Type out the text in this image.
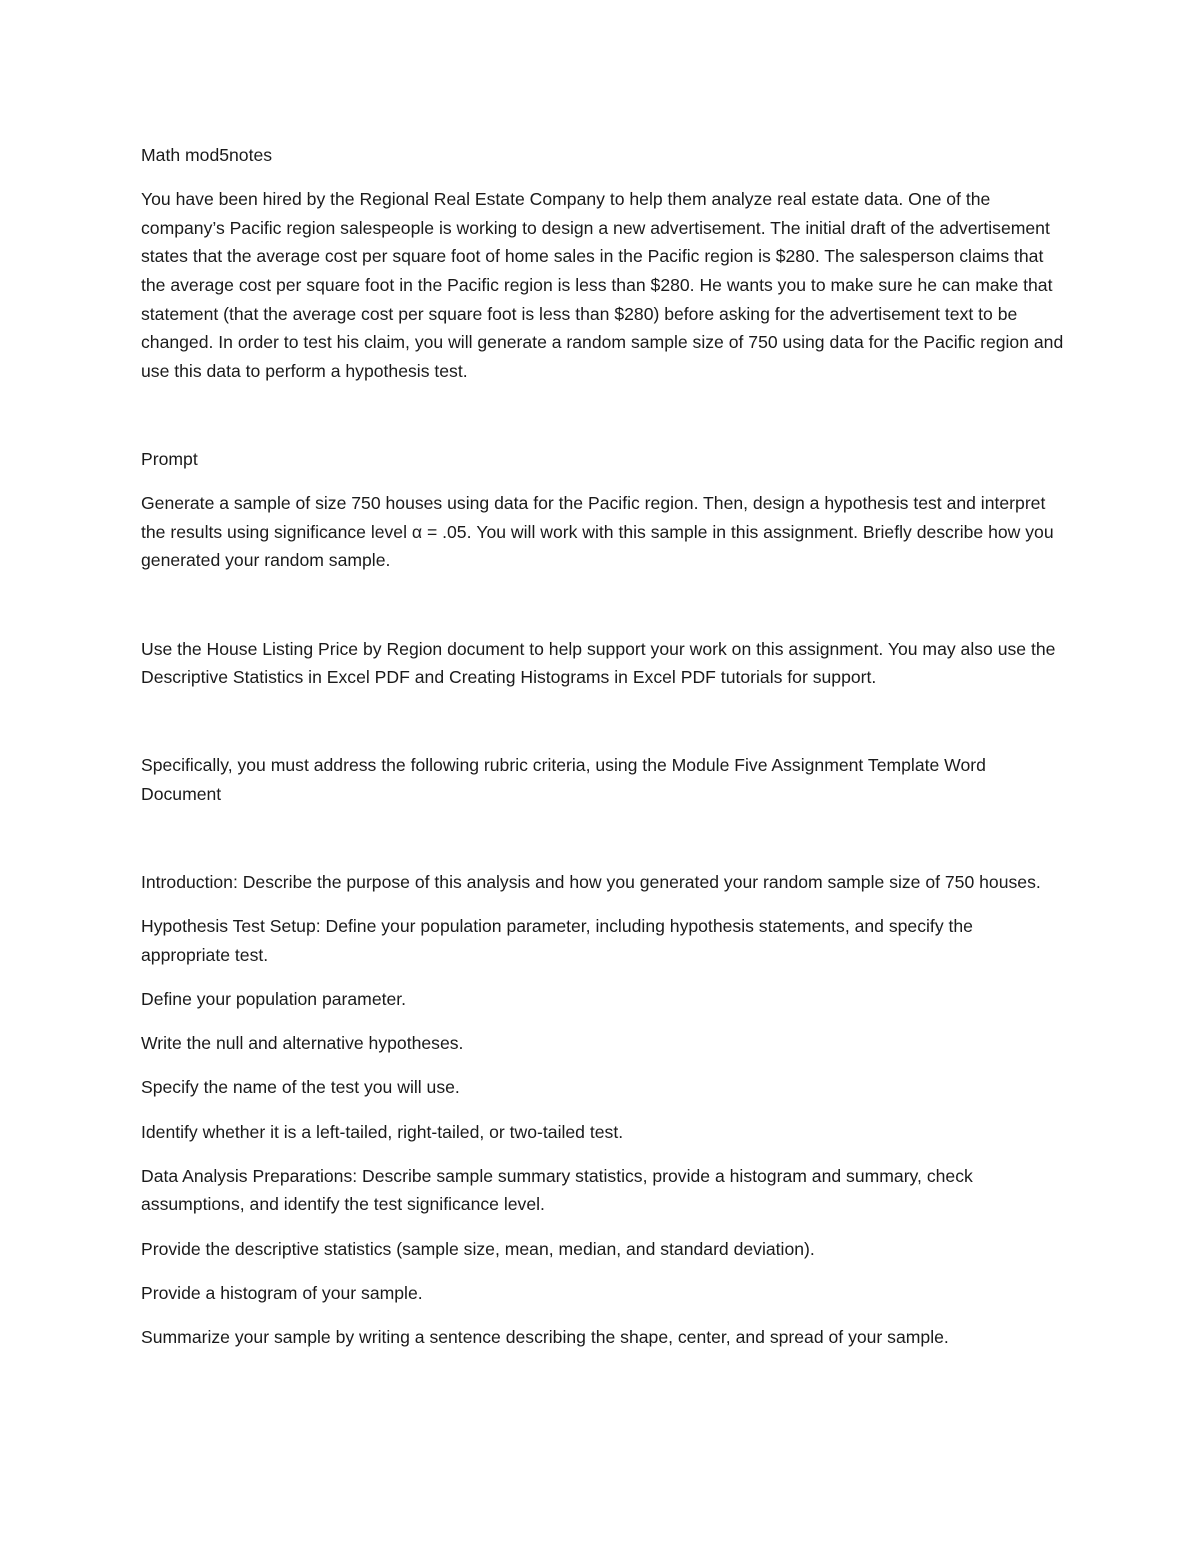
Math mod5notes

You have been hired by the Regional Real Estate Company to help them analyze real estate data. One of the company’s Pacific region salespeople is working to design a new advertisement. The initial draft of the advertisement states that the average cost per square foot of home sales in the Pacific region is $280. The salesperson claims that the average cost per square foot in the Pacific region is less than $280. He wants you to make sure he can make that statement (that the average cost per square foot is less than $280) before asking for the advertisement text to be changed. In order to test his claim, you will generate a random sample size of 750 using data for the Pacific region and use this data to perform a hypothesis test.

Prompt

Generate a sample of size 750 houses using data for the Pacific region. Then, design a hypothesis test and interpret the results using significance level α = .05. You will work with this sample in this assignment. Briefly describe how you generated your random sample.

Use the House Listing Price by Region document to help support your work on this assignment. You may also use the Descriptive Statistics in Excel PDF and Creating Histograms in Excel PDF tutorials for support.

Specifically, you must address the following rubric criteria, using the Module Five Assignment Template Word Document

Introduction: Describe the purpose of this analysis and how you generated your random sample size of 750 houses.

Hypothesis Test Setup: Define your population parameter, including hypothesis statements, and specify the appropriate test.

Define your population parameter.

Write the null and alternative hypotheses.

Specify the name of the test you will use.

Identify whether it is a left-tailed, right-tailed, or two-tailed test.

Data Analysis Preparations: Describe sample summary statistics, provide a histogram and summary, check assumptions, and identify the test significance level.

Provide the descriptive statistics (sample size, mean, median, and standard deviation).

Provide a histogram of your sample.

Summarize your sample by writing a sentence describing the shape, center, and spread of your sample.
